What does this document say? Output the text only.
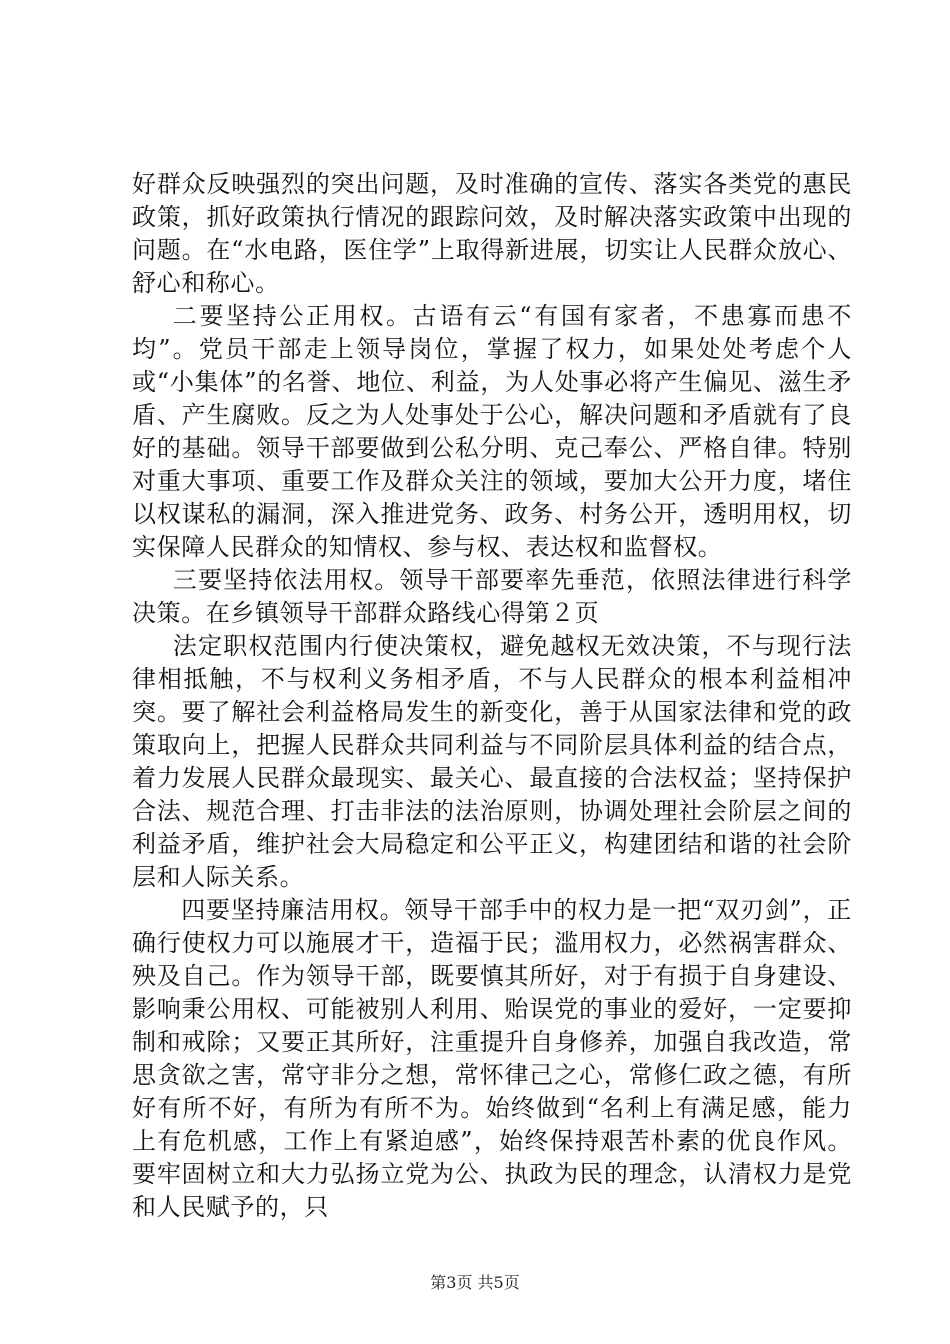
好群众反映强烈的突出问题，及时准确的宣传、落实各类党的惠民政策，抓好政策执行情况的跟踪问效，及时解决落实政策中出现的问题。在“水电路，医住学”上取得新进展，切实让人民群众放心、舒心和称心。

二要坚持公正用权。古语有云“有国有家者，不患寡而患不均”。党员干部走上领导岗位，掌握了权力，如果处处考虑个人或“小集体”的名誉、地位、利益，为人处事必将产生偏见、滋生矛盾、产生腐败。反之为人处事处于公心，解决问题和矛盾就有了良好的基础。领导干部要做到公私分明、克己奉公、严格自律。特别对重大事项、重要工作及群众关注的领域，要加大公开力度，堵住以权谋私的漏洞，深入推进党务、政务、村务公开，透明用权，切实保障人民群众的知情权、参与权、表达权和监督权。

三要坚持依法用权。领导干部要率先垂范，依照法律进行科学决策。在乡镇领导干部群众路线心得第２页

法定职权范围内行使决策权，避免越权无效决策，不与现行法律相抵触，不与权利义务相矛盾，不与人民群众的根本利益相冲突。要了解社会利益格局发生的新变化，善于从国家法律和党的政策取向上，把握人民群众共同利益与不同阶层具体利益的结合点，着力发展人民群众最现实、最关心、最直接的合法权益；坚持保护合法、规范合理、打击非法的法治原则，协调处理社会阶层之间的利益矛盾，维护社会大局稳定和公平正义，构建团结和谐的社会阶层和人际关系。

四要坚持廉洁用权。领导干部手中的权力是一把“双刃剑”，正确行使权力可以施展才干，造福于民；滥用权力，必然祸害群众、殃及自己。作为领导干部，既要慎其所好，对于有损于自身建设、影响秉公用权、可能被别人利用、贻误党的事业的爱好，一定要抑制和戒除；又要正其所好，注重提升自身修养，加强自我改造，常思贪欲之害，常守非分之想，常怀律己之心，常修仁政之德，有所好有所不好，有所为有所不为。始终做到“名利上有满足感，能力上有危机感，工作上有紧迫感”，始终保持艰苦朴素的优良作风。要牢固树立和大力弘扬立党为公、执政为民的理念，认清权力是党和人民赋予的，只

第3页 共5页
